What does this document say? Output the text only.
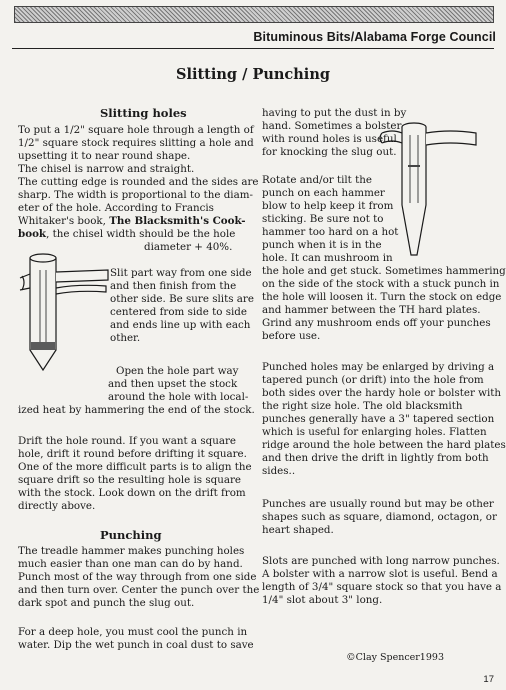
Bituminous Bits/Alabama Forge Council
Slitting / Punching
Slitting holes

To put a 1/2" square hole through a length of

1/2" square stock requires slitting a hole and

upsetting it to near round shape.

The chisel is narrow and straight.

The cutting edge is rounded and the sides are

sharp. The width is proportional to the diam-

eter of the hole. According to Francis

Whitaker's book, The Blacksmith's Cook-

book, the chisel width should be the hole

diameter + 40%.

Slit part way from one side

and then finish from the

other side. Be sure slits are

centered from side to side

and ends line up with each

other.

Open the hole part way

and then upset the stock

around the hole with local-

ized heat by hammering the end of the stock.

Drift the hole round. If you want a square

hole, drift it round before drifting it square.

One of the more difficult parts is to align the

square drift so the resulting hole is square

with the stock. Look down on the drift from

directly above.

Punching

The treadle hammer makes punching holes

much easier than one man can do by hand.

Punch most of the way through from one side

and then turn over. Center the punch over the

dark spot and punch the slug out.

For a deep hole, you must cool the punch in

water. Dip the wet punch in coal dust to save

having to put the dust in by

hand. Sometimes a bolster

with round holes is useful

for knocking the slug out.

Rotate and/or tilt the

punch on each hammer

blow to help keep it from

sticking. Be sure not to

hammer too hard on a hot

punch when it is in the

hole. It can mushroom in

the hole and get stuck. Sometimes hammering

on the side of the stock with a stuck punch in

the hole will loosen it. Turn the stock on edge

and hammer between the TH hard plates.

Grind any mushroom ends off your punches

before use.

Punched holes may be enlarged by driving a

tapered punch (or drift) into the hole from

both sides over the hardy hole or bolster with

the right size hole. The old blacksmith

punches generally have a 3" tapered section

which is useful for enlarging holes. Flatten

ridge around the hole between the hard plates

and then drive the drift in lightly from both

sides..

Punches are usually round but may be other

shapes such as square, diamond, octagon, or

heart shaped.

Slots are punched with long narrow punches.

A bolster with a narrow slot is useful. Bend a

length of 3/4" square stock so that you have a

1/4" slot about 3" long.

©Clay Spencer1993
17
